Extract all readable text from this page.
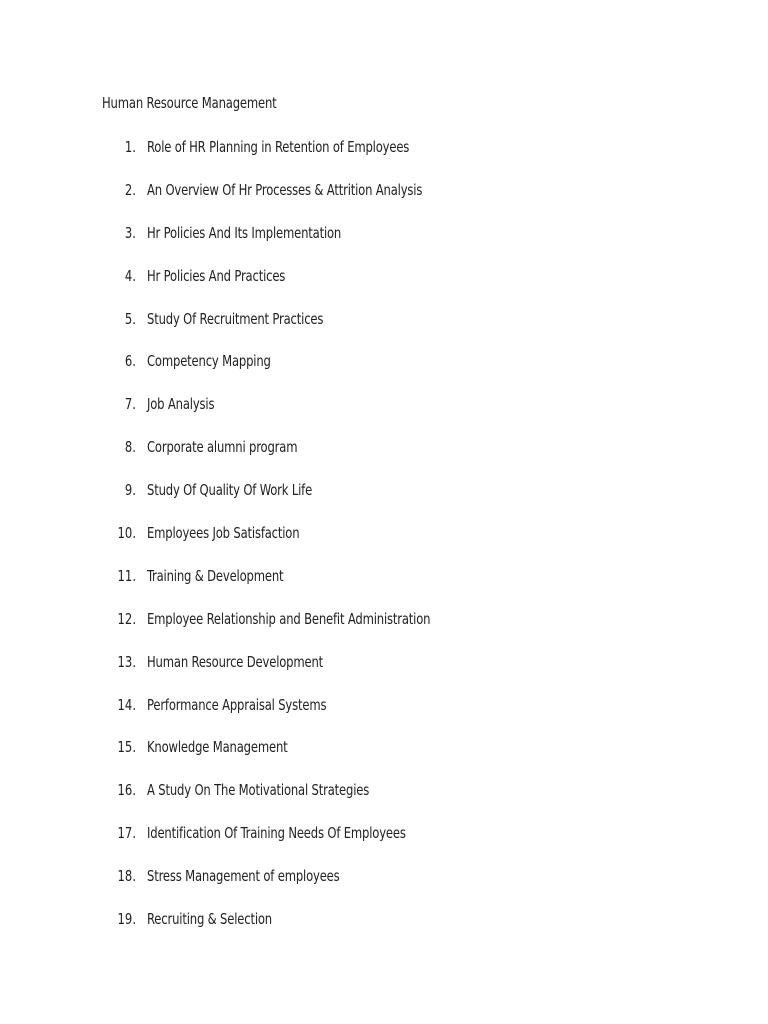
Human Resource Management
1. Role of HR Planning in Retention of Employees
2. An Overview Of Hr Processes & Attrition Analysis
3. Hr Policies And Its Implementation
4. Hr Policies And Practices
5. Study Of Recruitment Practices
6. Competency Mapping
7. Job Analysis
8. Corporate alumni program
9. Study Of Quality Of Work Life
10. Employees Job Satisfaction
11. Training & Development
12. Employee Relationship and Benefit Administration
13. Human Resource Development
14. Performance Appraisal Systems
15. Knowledge Management
16. A Study On The Motivational Strategies
17. Identification Of Training Needs Of Employees
18. Stress Management of employees
19. Recruiting & Selection
